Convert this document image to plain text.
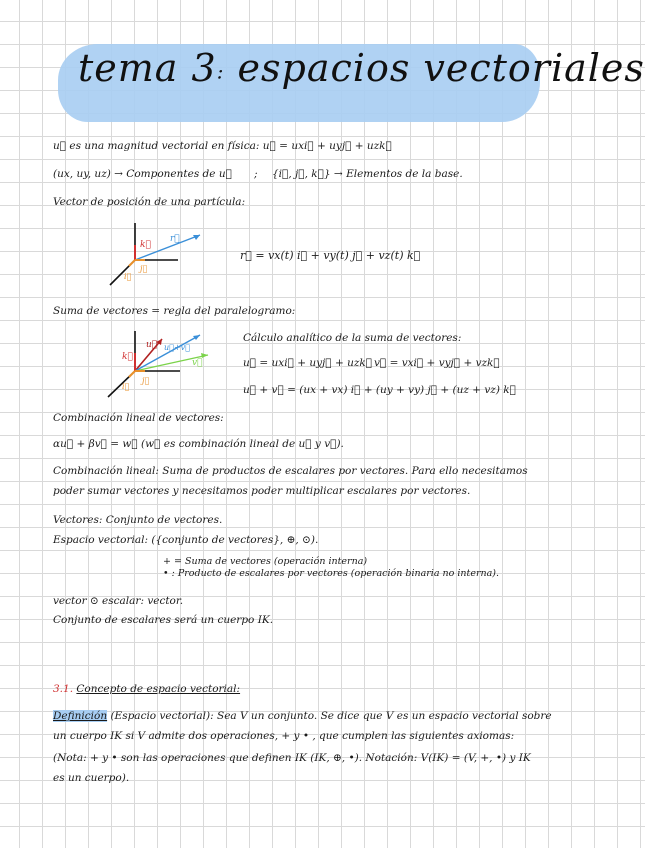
tema 3: espacios vectoriales
u⃗ es una magnitud vectorial en física: u⃗ = uxi⃗ + uyj⃗ + uzk⃗
(ux, uy, uz) → Componentes de u⃗ ; {i⃗, j⃗, k⃗} → Elementos de la base.
Vector de posición de una partícula:
k⃗
r⃗
i⃗
j⃗
r⃗ = vx(t) i⃗ + vy(t) j⃗ + vz(t) k⃗
Suma de vectores = regla del paralelogramo:
k⃗
u⃗ u⃗+v⃗
v⃗
i⃗
j⃗
Cálculo analítico de la suma de vectores:
u⃗ = uxi⃗ + uyj⃗ + uzk⃗ v⃗ = vxi⃗ + vyj⃗ + vzk⃗
u⃗ + v⃗ = (ux + vx) i⃗ + (uy + vy) j⃗ + (uz + vz) k⃗
Combinación lineal de vectores:
αu⃗ + βv⃗ = w⃗ (w⃗ es combinación lineal de u⃗ y v⃗).
Combinación lineal: Suma de productos de escalares por vectores. Para ello necesitamos
poder sumar vectores y necesitamos poder multiplicar escalares por vectores.
Vectores: Conjunto de vectores.
Espacio vectorial: ({conjunto de vectores}, ⊕, ⊙).
+ = Suma de vectores (operación interna)
• : Producto de escalares por vectores (operación binaria no interna).
vector ⊙ escalar: vector.
Conjunto de escalares será un cuerpo IK.
3.1. Concepto de espacio vectorial:
Definición (Espacio vectorial): Sea V un conjunto. Se dice que V es un espacio vectorial sobre
un cuerpo IK si V admite dos operaciones, + y • , que cumplen las siguientes axiomas:
(Nota: + y • son las operaciones que definen IK (IK, ⊕, •). Notación: V(IK) = (V, +, •) y IK
es un cuerpo).
